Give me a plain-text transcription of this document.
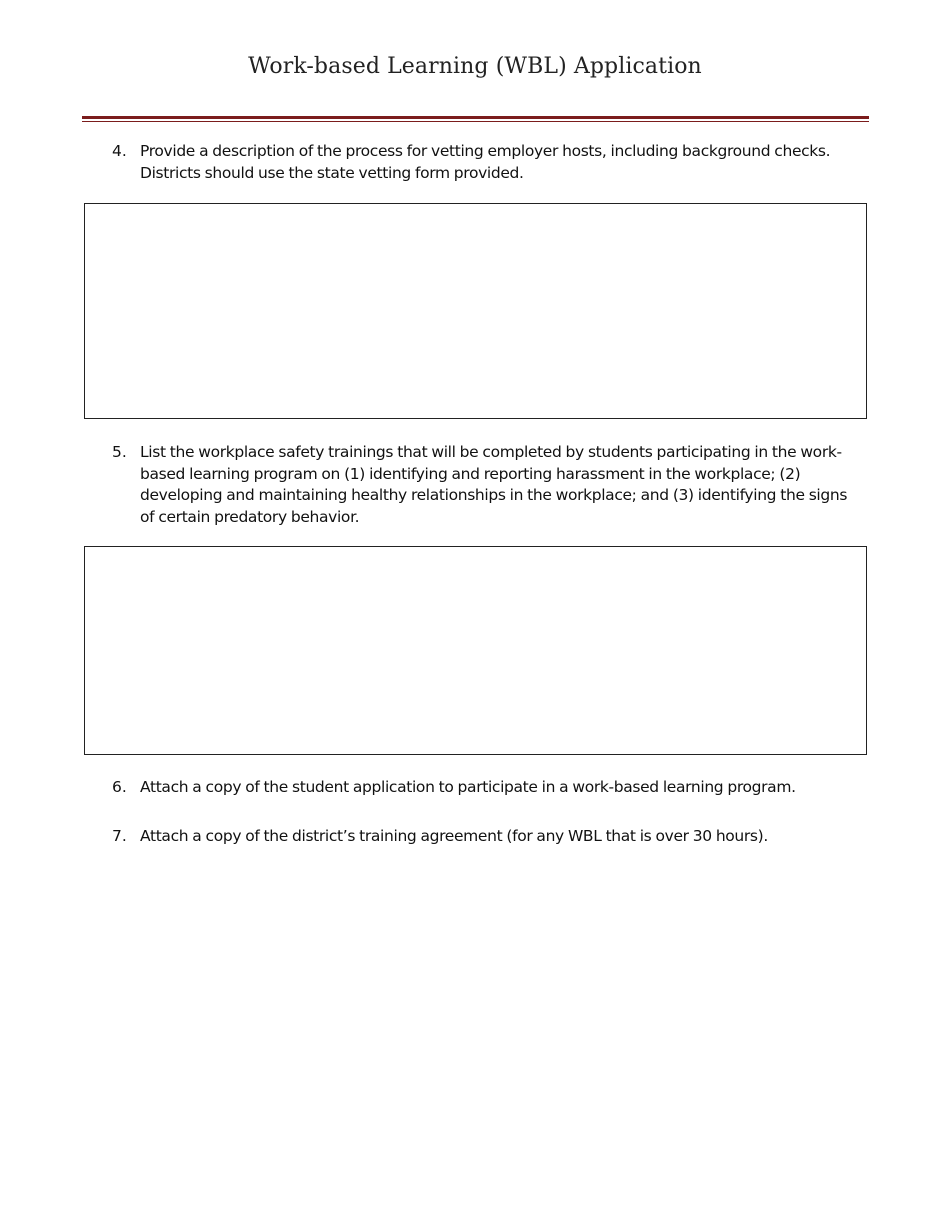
Work-based Learning (WBL) Application
4. Provide a description of the process for vetting employer hosts, including background checks. Districts should use the state vetting form provided.
5. List the workplace safety trainings that will be completed by students participating in the work-based learning program on (1) identifying and reporting harassment in the workplace; (2) developing and maintaining healthy relationships in the workplace; and (3) identifying the signs of certain predatory behavior.
6. Attach a copy of the student application to participate in a work-based learning program.
7. Attach a copy of the district’s training agreement (for any WBL that is over 30 hours).
